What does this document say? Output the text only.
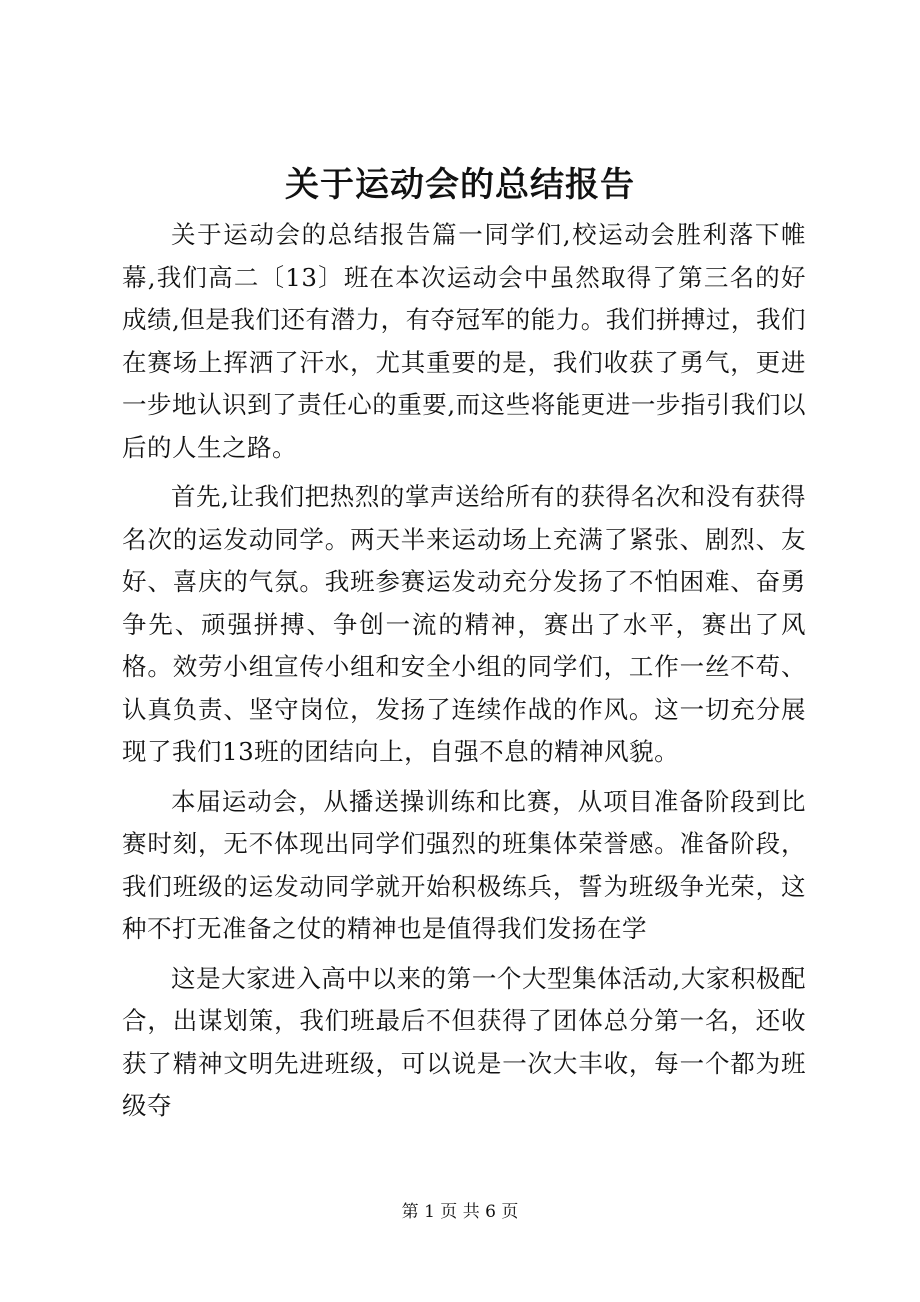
关于运动会的总结报告

关于运动会的总结报告篇一同学们,校运动会胜利落下帷幕,我们高二〔13〕班在本次运动会中虽然取得了第三名的好成绩,但是我们还有潜力，有夺冠军的能力。我们拼搏过，我们在赛场上挥洒了汗水，尤其重要的是，我们收获了勇气，更进一步地认识到了责任心的重要,而这些将能更进一步指引我们以后的人生之路。

首先,让我们把热烈的掌声送给所有的获得名次和没有获得名次的运发动同学。两天半来运动场上充满了紧张、剧烈、友好、喜庆的气氛。我班参赛运发动充分发扬了不怕困难、奋勇争先、顽强拼搏、争创一流的精神，赛出了水平，赛出了风格。效劳小组宣传小组和安全小组的同学们，工作一丝不苟、认真负责、坚守岗位，发扬了连续作战的作风。这一切充分展现了我们13班的团结向上，自强不息的精神风貌。

本届运动会，从播送操训练和比赛，从项目准备阶段到比赛时刻，无不体现出同学们强烈的班集体荣誉感。准备阶段，我们班级的运发动同学就开始积极练兵，誓为班级争光荣，这种不打无准备之仗的精神也是值得我们发扬在学

这是大家进入高中以来的第一个大型集体活动,大家积极配合，出谋划策，我们班最后不但获得了团体总分第一名，还收获了精神文明先进班级，可以说是一次大丰收，每一个都为班级夺

第 1 页 共 6 页
